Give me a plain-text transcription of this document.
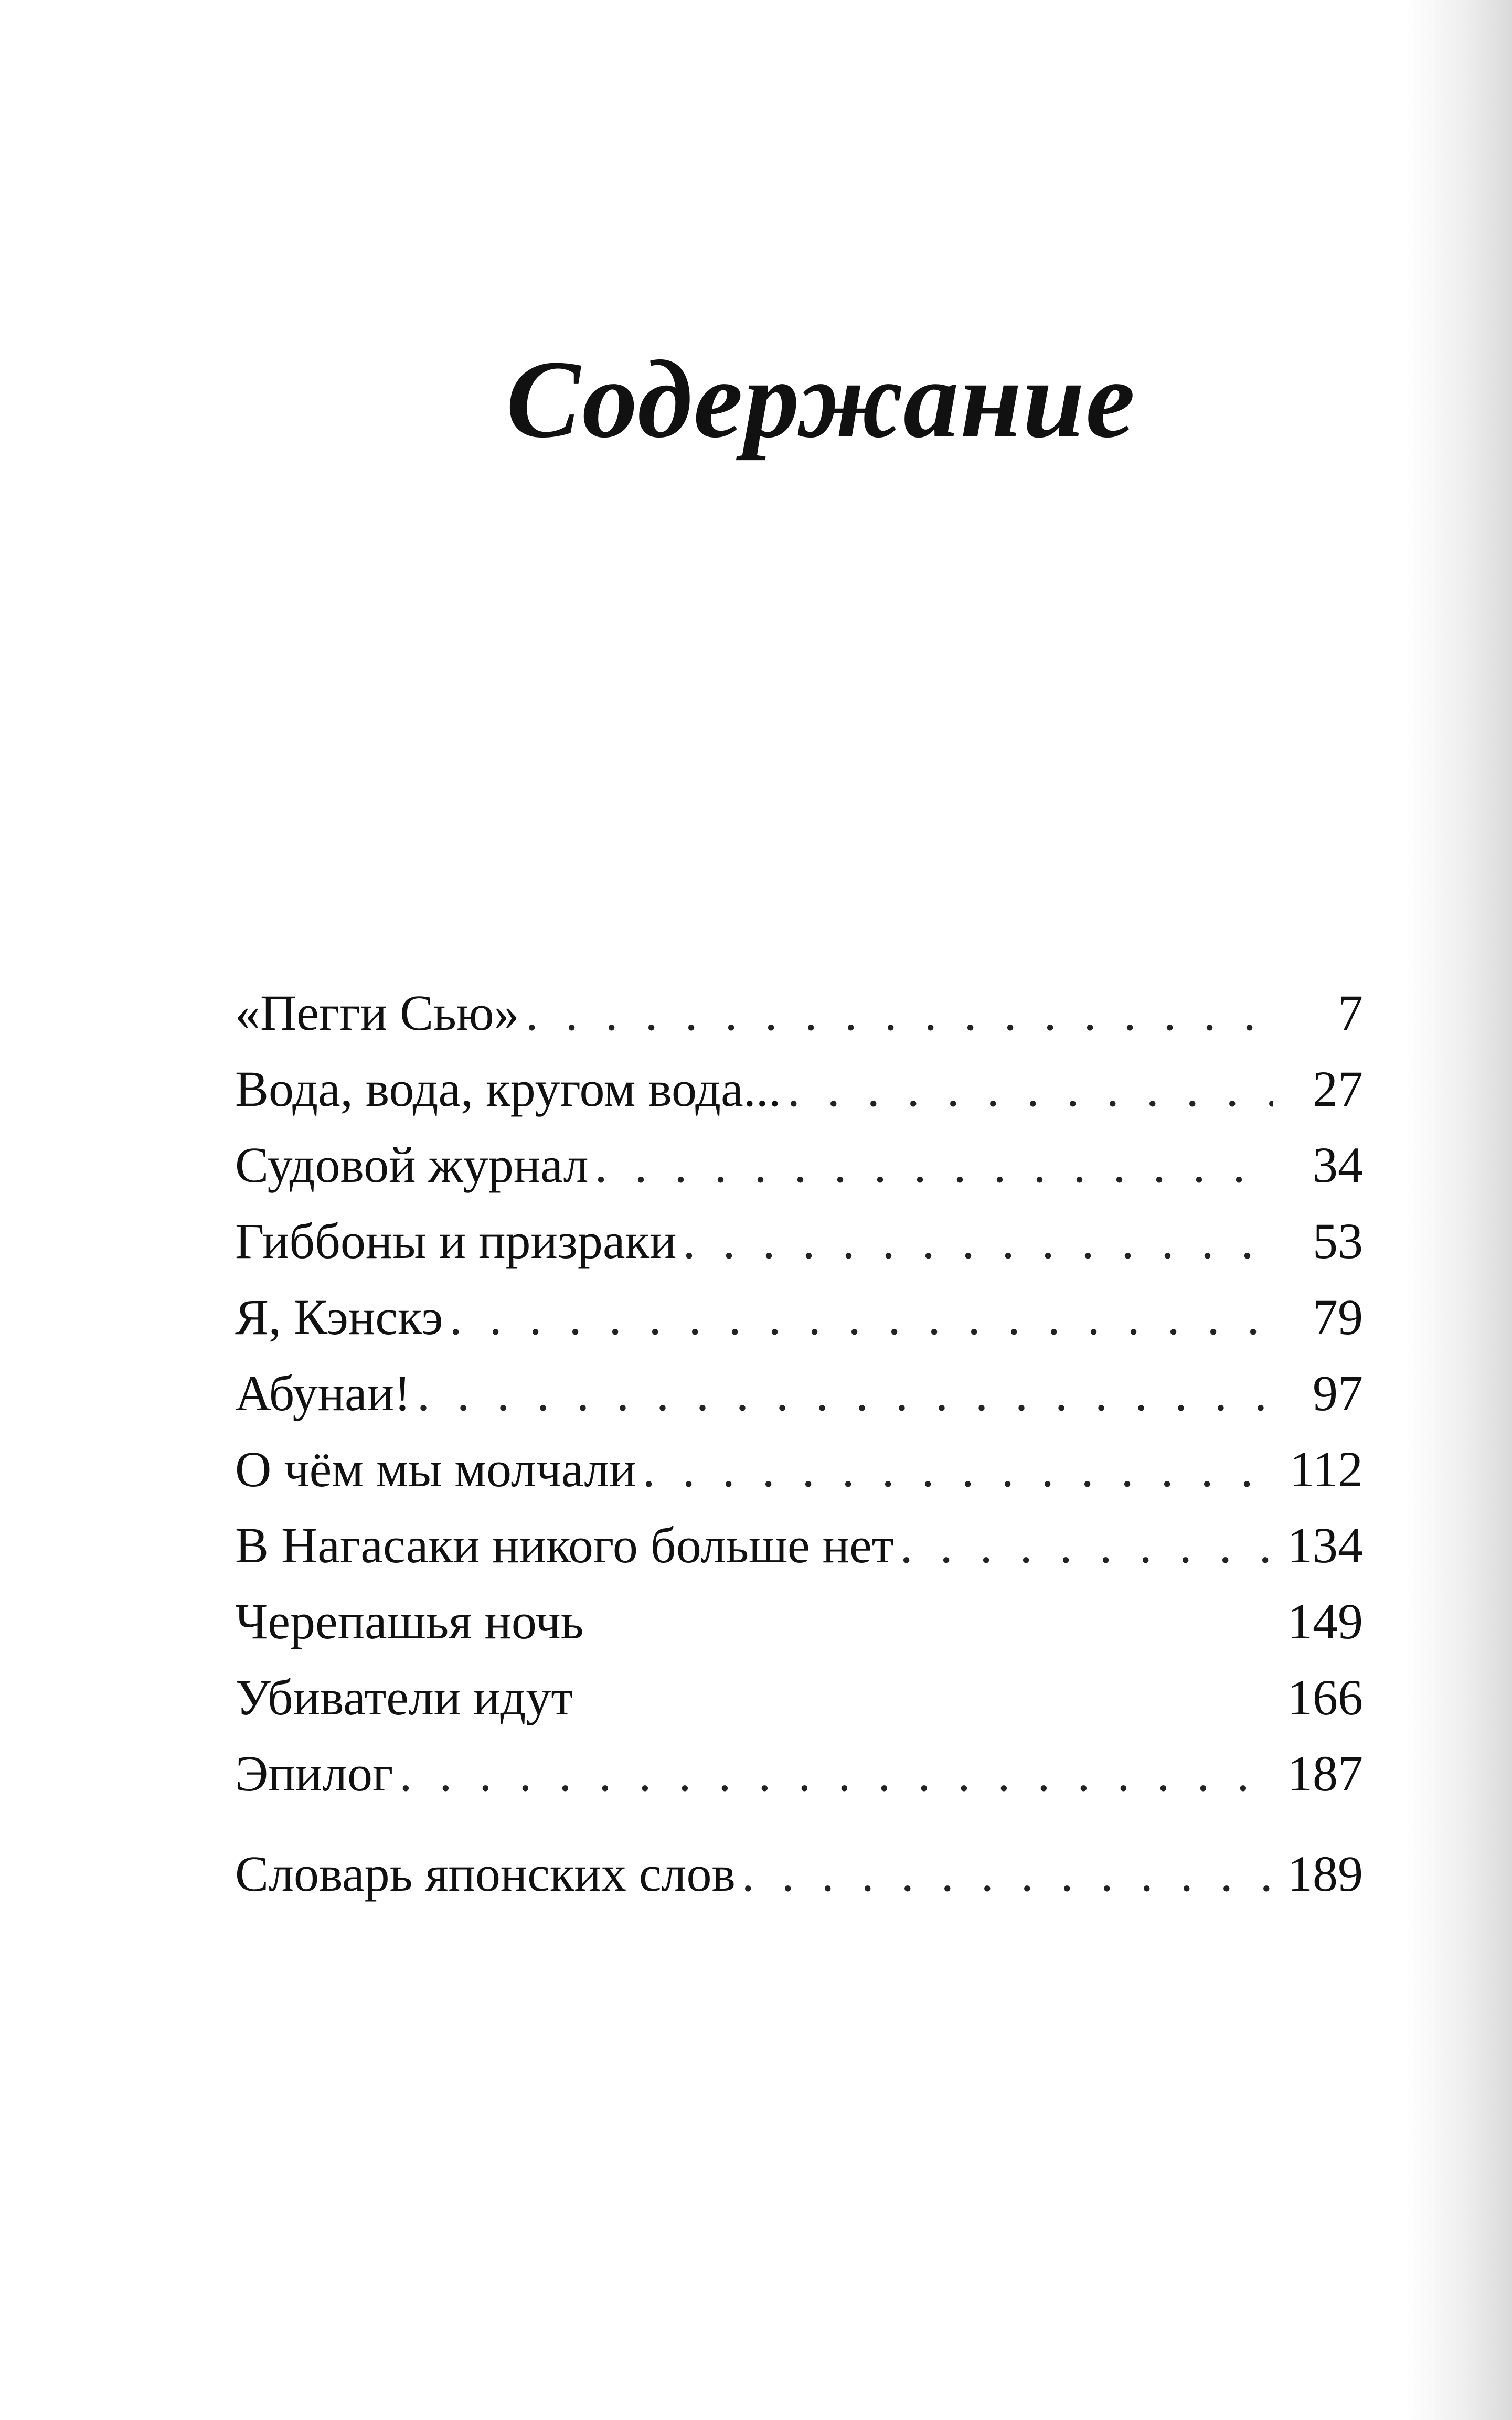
Содержание
«Пегги Сью» . . .	7
Вода, вода, кругом вода... . . .	27
Судовой журнал . . .	34
Гиббоны и призраки . . .	53
Я, Кэнскэ . . .	79
Абунаи! . . .	97
О чём мы молчали . . .	112
В Нагасаки никого больше нет . . .	134
Черепашья ночь	149
Убиватели идут	166
Эпилог . . .	187
Словарь японских слов . . .	189
